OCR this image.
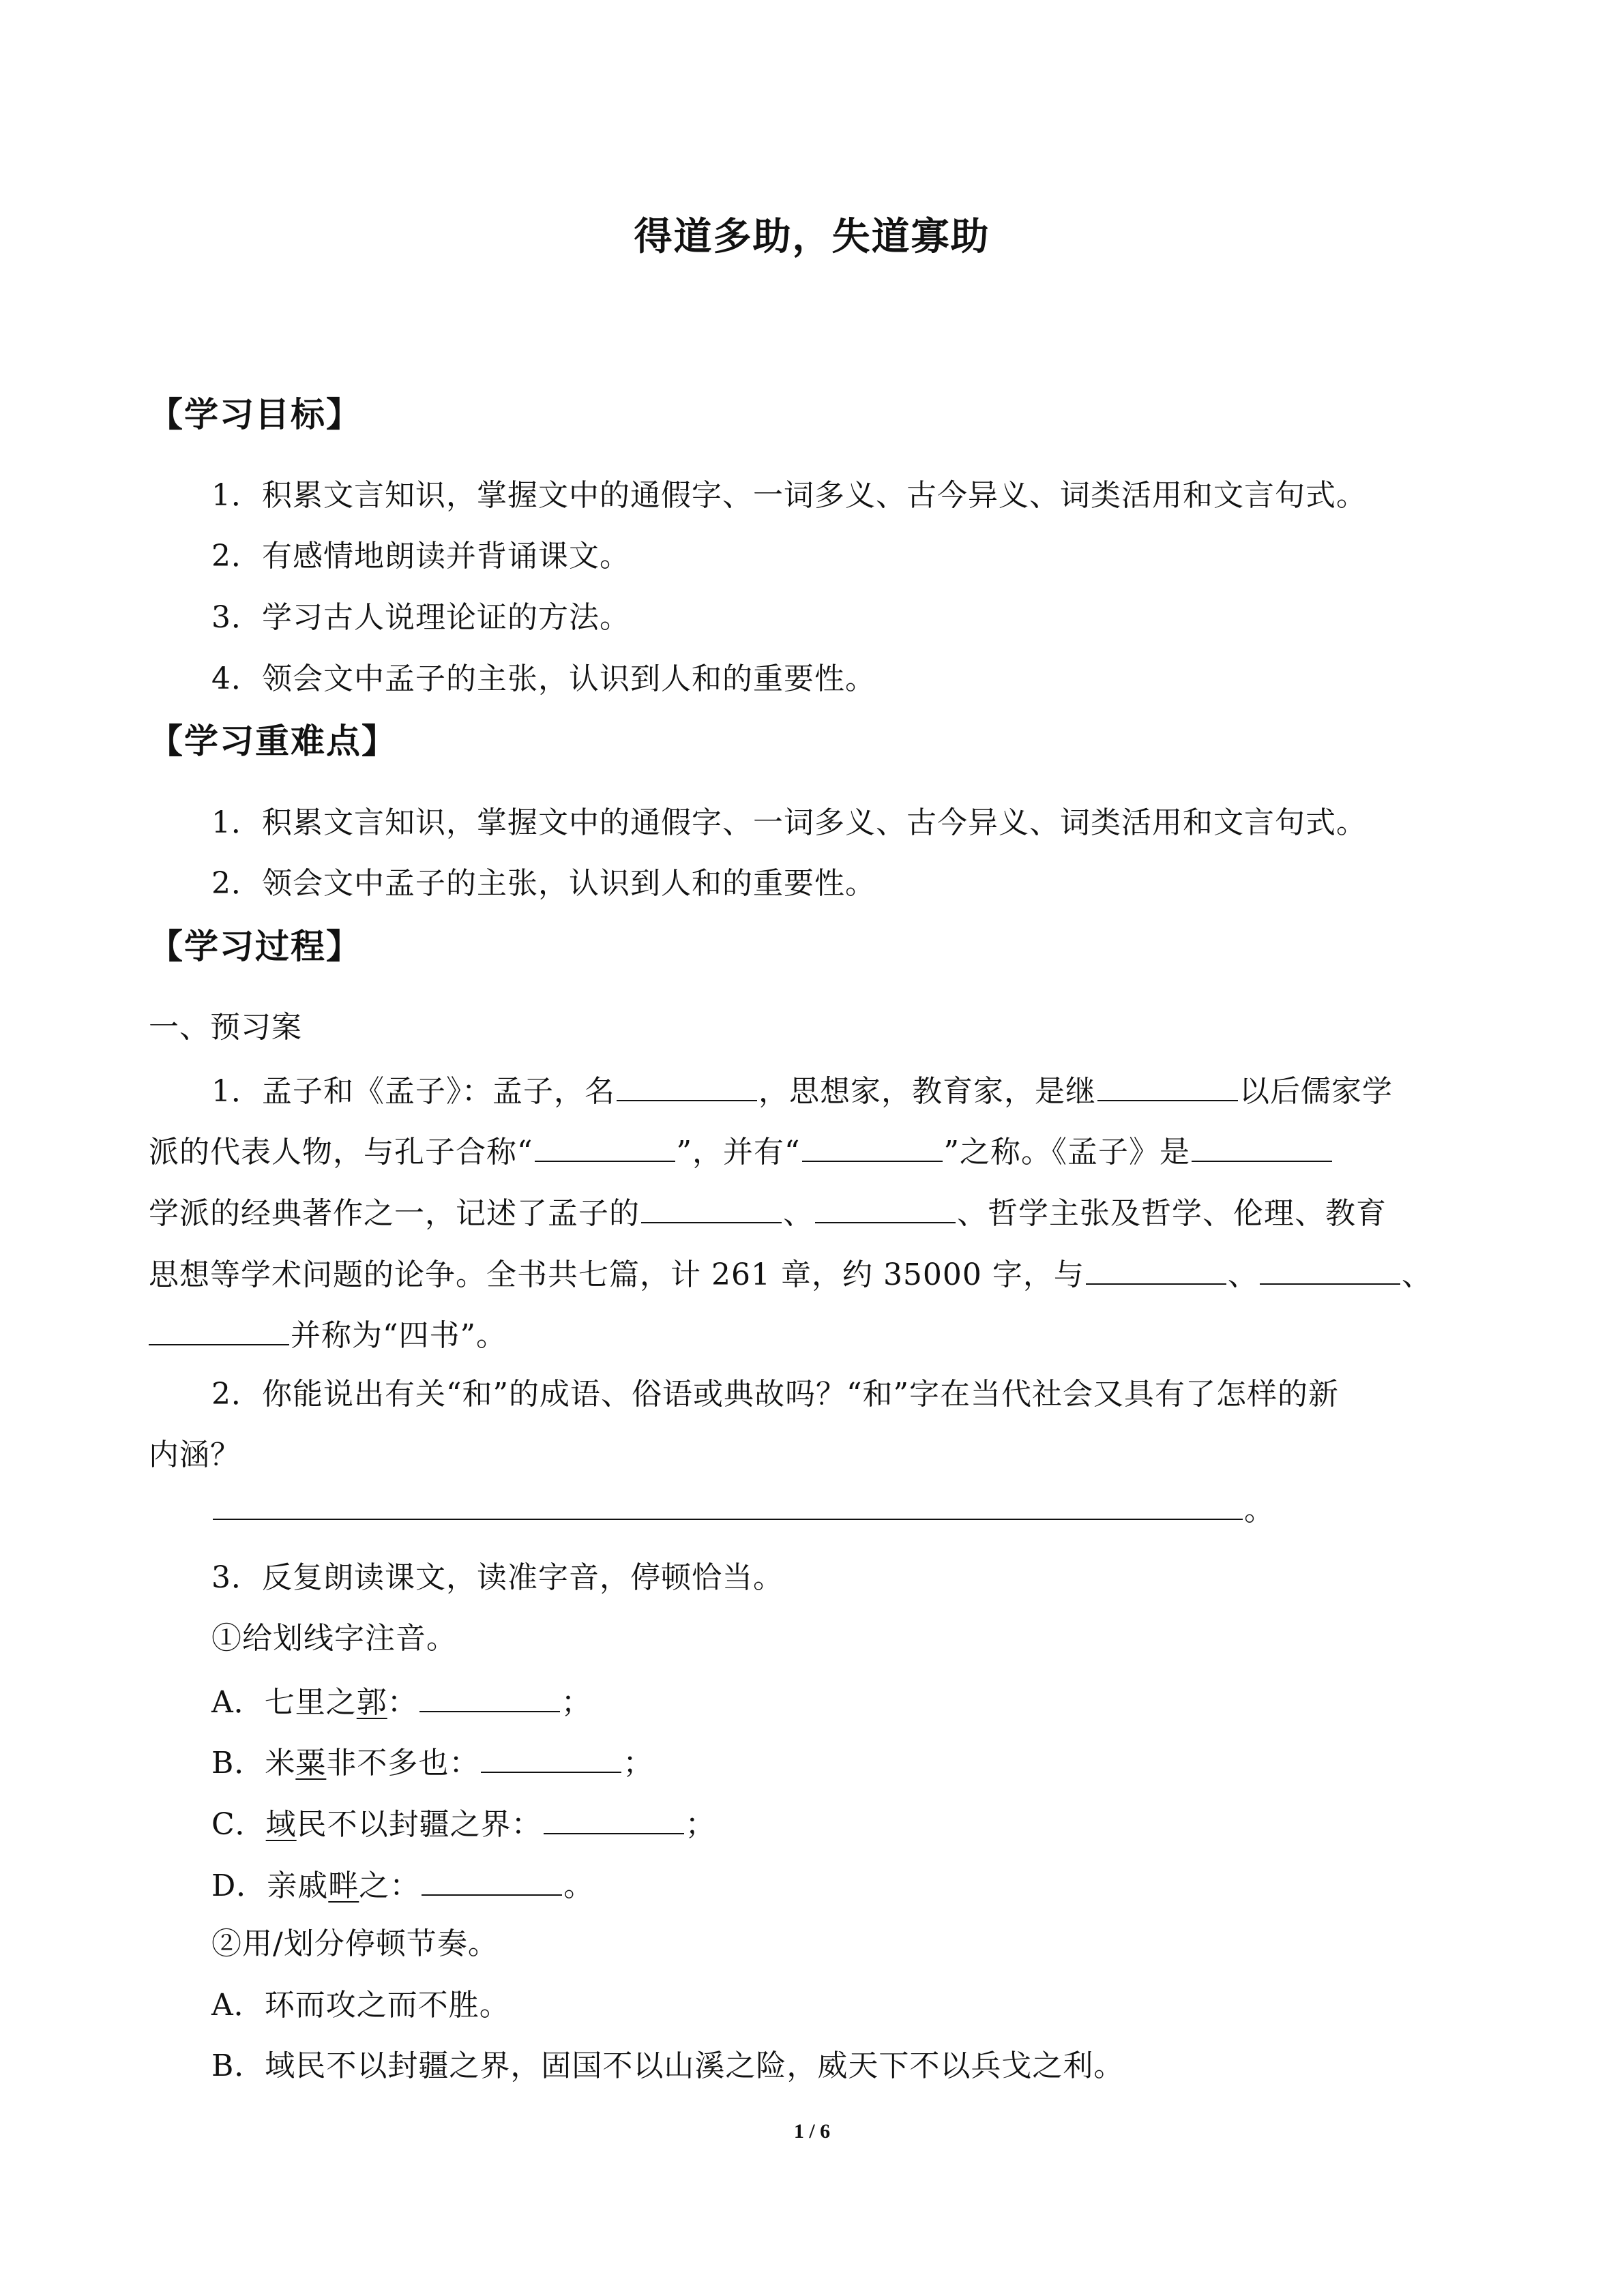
得道多助，失道寡助
【学习目标】
1．积累文言知识，掌握文中的通假字、一词多义、古今异义、词类活用和文言句式。
2．有感情地朗读并背诵课文。
3．学习古人说理论证的方法。
4．领会文中孟子的主张，认识到人和的重要性。
【学习重难点】
1．积累文言知识，掌握文中的通假字、一词多义、古今异义、词类活用和文言句式。
2．领会文中孟子的主张，认识到人和的重要性。
【学习过程】
一、预习案
1．孟子和《孟子》：孟子，名	，思想家，教育家，是继	以后儒家学
派的代表人物，与孔子合称“	”，并有“	”之称。《孟子》是
学派的经典著作之一，记述了孟子的	、	、哲学主张及哲学、伦理、教育
思想等学术问题的论争。全书共七篇，计 261 章，约 35000 字，与	、	、
并称为“四书”。
2．你能说出有关“和”的成语、俗语或典故吗？“和”字在当代社会又具有了怎样的新
内涵？
。
3．反复朗读课文，读准字音，停顿恰当。
①给划线字注音。
A．七里之郭：	；
B．米粟非不多也：	；
C．域民不以封疆之界：	；
D．亲戚畔之：	。
②用/划分停顿节奏。
A．环而攻之而不胜。
B．域民不以封疆之界，固国不以山溪之险，威天下不以兵戈之利。
1 / 6
